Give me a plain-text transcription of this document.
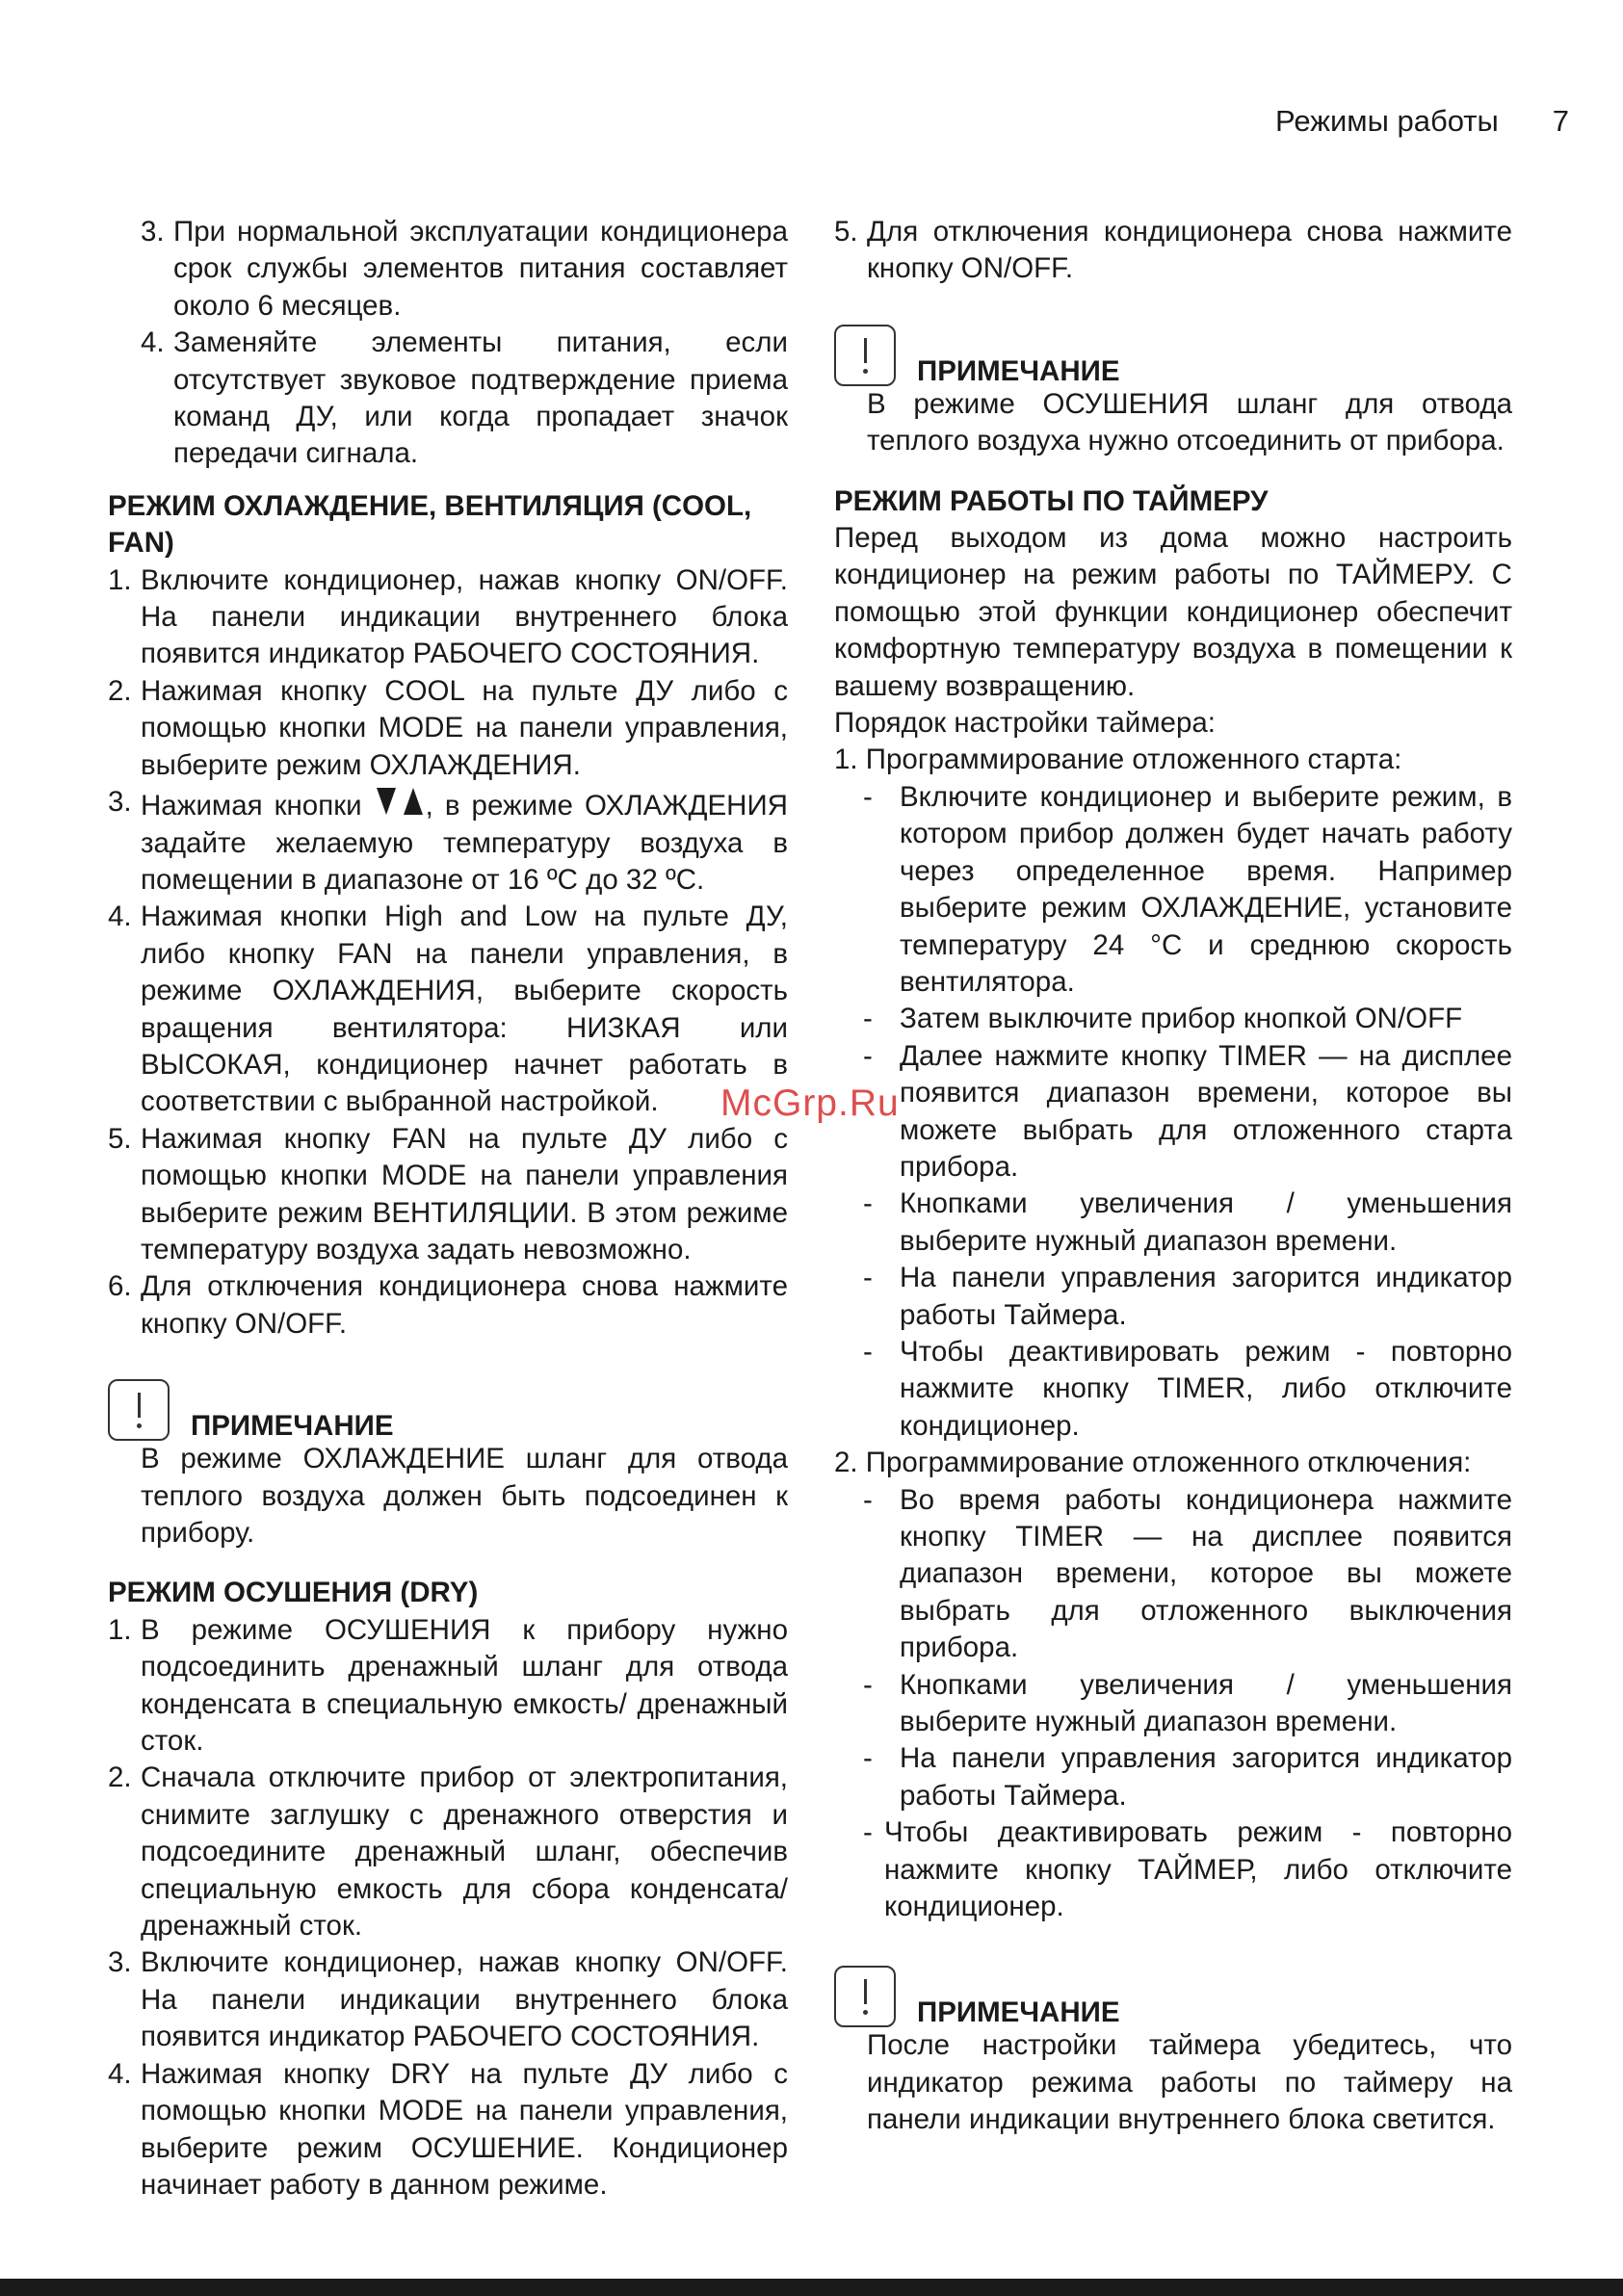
Режимы работы 7
3. При нормальной эксплуатации кондиционера срок службы элементов питания составляет около 6 месяцев.
4. Заменяйте элементы питания, если отсутствует звуковое подтверждение приема команд ДУ, или когда пропадает значок передачи сигнала.

РЕЖИМ ОХЛАЖДЕНИЕ, ВЕНТИЛЯЦИЯ (COOL, FAN)

1. Включите кондиционер, нажав кнопку ON/OFF. На панели индикации внутреннего блока появится индикатор РАБОЧЕГО СОСТОЯНИЯ.
2. Нажимая кнопку COOL на пульте ДУ либо с помощью кнопки MODE на панели управления, выберите режим ОХЛАЖДЕНИЯ.
3. Нажимая кнопки , в режиме ОХЛАЖДЕНИЯ задайте желаемую температуру воздуха в помещении в диапазоне от 16 ºС до 32 ºС.
4. Нажимая кнопки High and Low на пульте ДУ, либо кнопку FAN на панели управления, в режиме ОХЛАЖДЕНИЯ, выберите скорость вращения вентилятора: НИЗКАЯ или ВЫСОКАЯ, кондиционер начнет работать в соответствии с выбранной настройкой.
5. Нажимая кнопку FAN на пульте ДУ либо с помощью кнопки MODE на панели управления выберите режим ВЕНТИЛЯЦИИ. В этом режиме температуру воздуха задать невозможно.
6. Для отключения кондиционера снова нажмите кнопку ON/OFF.
ПРИМЕЧАНИЕ
В режиме ОХЛАЖДЕНИЕ шланг для отвода теплого воздуха должен быть подсоединен к прибору.

РЕЖИМ ОСУШЕНИЯ (DRY)

1. В режиме ОСУШЕНИЯ к прибору нужно подсоединить дренажный шланг для отвода конденсата в специальную емкость/ дренажный сток.
2. Сначала отключите прибор от электропитания, снимите заглушку с дренажного отверстия и подсоедините дренажный шланг, обеспечив специальную емкость для сбора конденсата/ дренажный сток.
3. Включите кондиционер, нажав кнопку ON/OFF. На панели индикации внутреннего блока появится индикатор РАБОЧЕГО СОСТОЯНИЯ.
4. Нажимая кнопку DRY на пульте ДУ либо с помощью кнопки MODE на панели управления, выберите режим ОСУШЕНИЕ. Кондиционер начинает работу в данном режиме.
5. Для отключения кондиционера снова нажмите кнопку ON/OFF.
ПРИМЕЧАНИЕ
В режиме ОСУШЕНИЯ шланг для отвода теплого воздуха нужно отсоединить от прибора.

РЕЖИМ РАБОТЫ ПО ТАЙМЕРУ

Перед выходом из дома можно настроить кондиционер на режим работы по ТАЙМЕРУ. С помощью этой функции кондиционер обеспечит комфортную температуру воздуха в помещении к вашему возвращению.

Порядок настройки таймера:

1. Программирование отложенного старта:

- Включите кондиционер и выберите режим, в котором прибор должен будет начать работу через определенное время. Например выберите режим ОХЛАЖДЕНИЕ, установите температуру 24 °C и среднюю скорость вентилятора.
- Затем выключите прибор кнопкой ON/OFF
- Далее нажмите кнопку TIMER — на дисплее появится диапазон времени, которое вы можете выбрать для отложенного старта прибора.
- Кнопками увеличения / уменьшения выберите нужный диапазон времени.
- На панели управления загорится индикатор работы Таймера.
- Чтобы деактивировать режим - повторно нажмите кнопку TIMER, либо отключите кондиционер.

2. Программирование отложенного отключения:

- Во время работы кондиционера нажмите кнопку TIMER — на дисплее появится диапазон времени, которое вы можете выбрать для отложенного выключения прибора.
- Кнопками увеличения / уменьшения выберите нужный диапазон времени.
- На панели управления загорится индикатор работы Таймера.
- Чтобы деактивировать режим - повторно нажмите кнопку ТАЙМЕР, либо отключите кондиционер.
ПРИМЕЧАНИЕ
После настройки таймера убедитесь, что индикатор режима работы по таймеру на панели индикации внутреннего блока светится.
McGrp.Ru
